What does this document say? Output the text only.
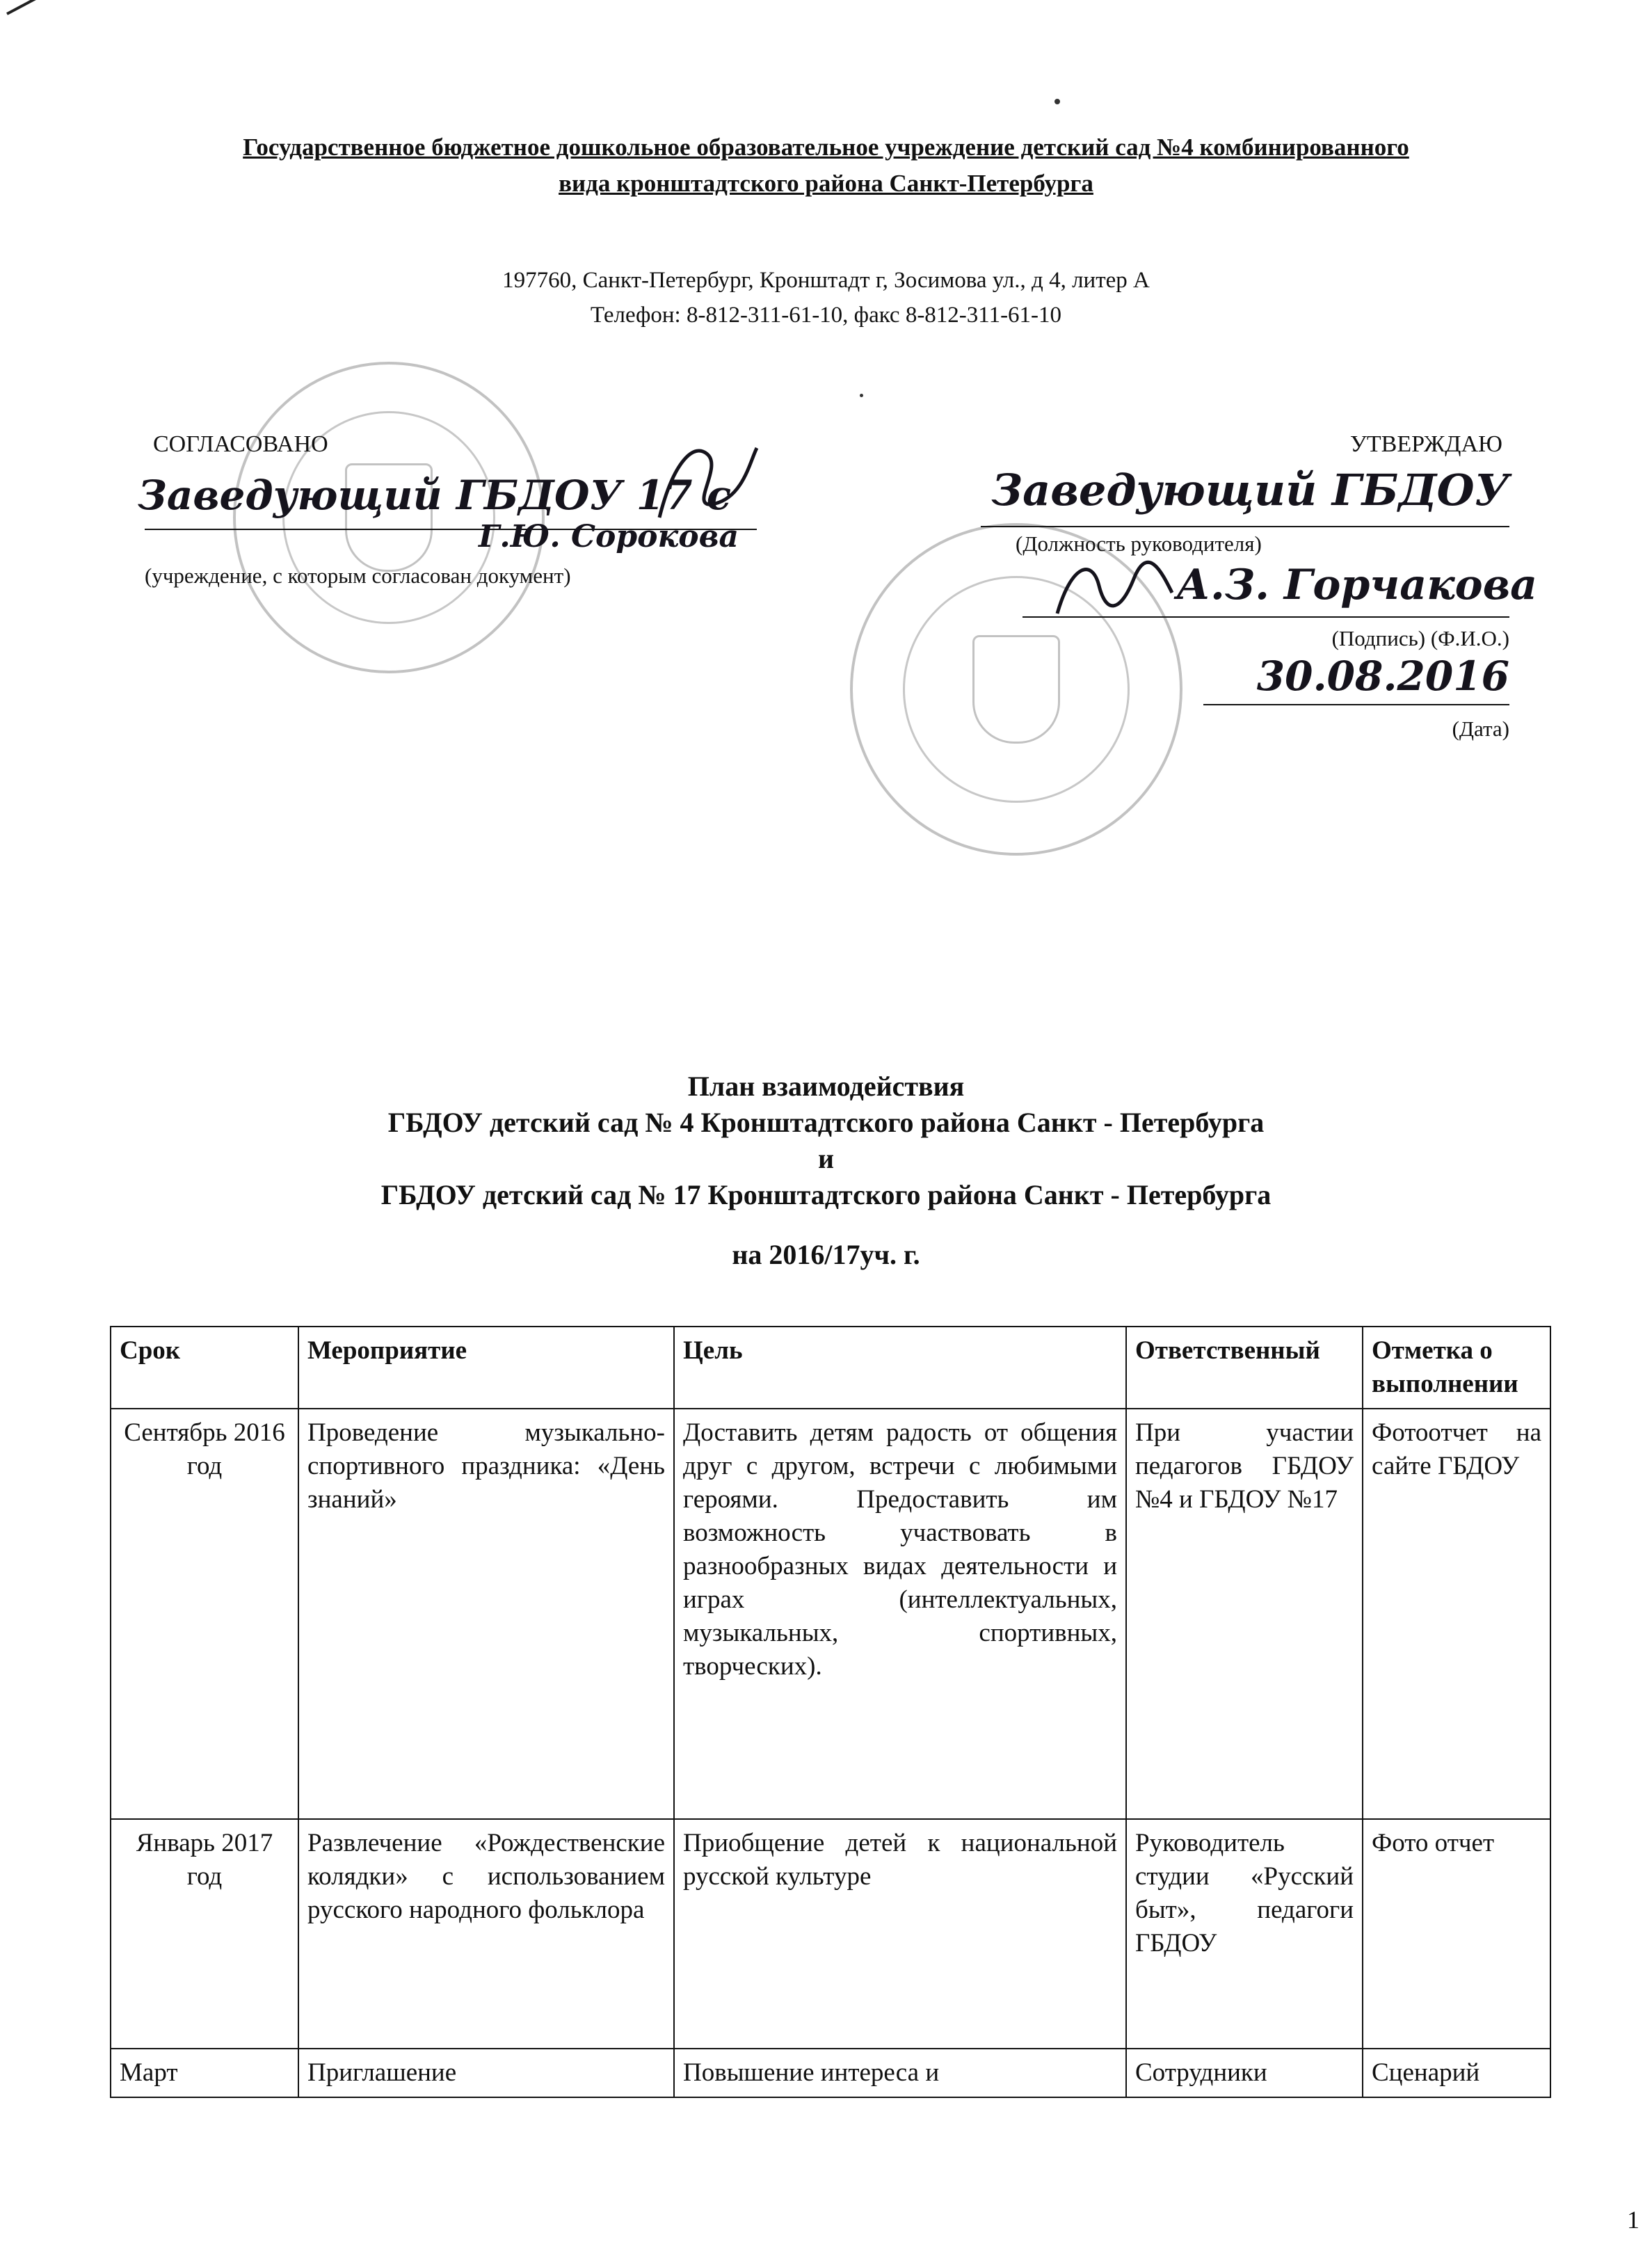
Государственное бюджетное дошкольное образовательное учреждение детский сад №4 комбинированного
вида кронштадтского района Санкт-Петербурга
197760, Санкт-Петербург, Кронштадт г, Зосимова ул., д 4, литер А
Телефон: 8-812-311-61-10, факс 8-812-311-61-10
СОГЛАСОВАНО
Заведующий ГБДОУ 17 с
Г.Ю. Сорокова
(учреждение, с которым согласован документ)
УТВЕРЖДАЮ
Заведующий ГБДОУ
(Должность руководителя)
А.З. Горчакова
(Подпись) (Ф.И.О.)
30.08.2016
(Дата)
План взаимодействия
ГБДОУ детский сад № 4 Кронштадтского района Санкт - Петербурга
и
ГБДОУ детский сад № 17 Кронштадтского района Санкт - Петербурга
на 2016/17уч. г.
Срок	Мероприятие	Цель	Ответственный	Отметка о выполнении
Сентябрь 2016 год	Проведение музыкально-спортивного праздника: «День знаний»	Доставить детям радость от общения друг с другом, встречи с любимыми героями. Предоставить им возможность участвовать в разнообразных видах деятельности и играх (интеллектуальных, музыкальных, спортивных, творческих).	При участии педагогов ГБДОУ №4 и ГБДОУ №17	Фотоотчет на сайте ГБДОУ
Январь 2017 год	Развлечение «Рождественские колядки» с использованием русского народного фольклора	Приобщение детей к национальной русской культуре	Руководитель студии «Русский быт», педагоги ГБДОУ	Фото отчет
Март	Приглашение	Повышение интереса и	Сотрудники	Сценарий
1
